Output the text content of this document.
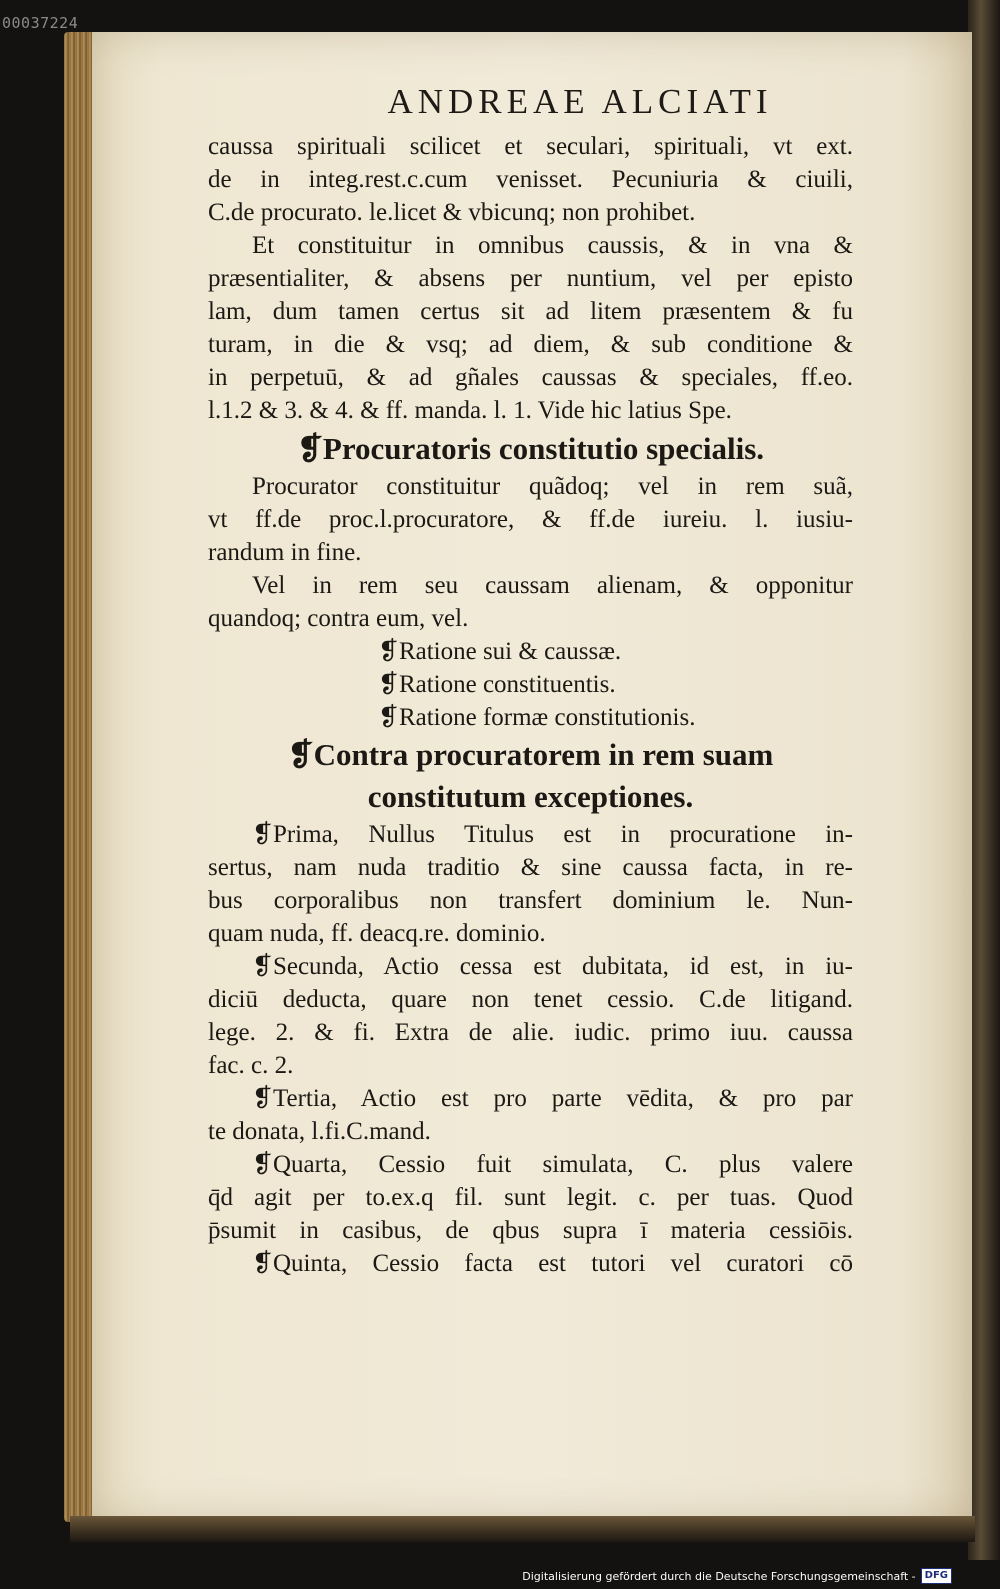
00037224
ANDREAE ALCIATI
caussa spirituali scilicet et seculari, spirituali, vt ext.
de in integ.rest.c.cum venisset. Pecuniuria & ciuili,
C.de procurato. le.licet & vbicunq; non prohibet.
Et constituitur in omnibus caussis, & in vna &
præsentialiter, & absens per nuntium, vel per episto
lam, dum tamen certus sit ad litem præsentem & fu
turam, in die & vsq; ad diem, & sub conditione &
in perpetuū, & ad gñales caussas & speciales, ff.eo.
l.1.2 & 3. & 4. & ff. manda. l. 1. Vide hic latius Spe.
❡Procuratoris constitutio specialis.
Procurator constituitur quãdoq; vel in rem suã,
vt ff.de proc.l.procuratore, & ff.de iureiu. l. iusiu-
randum in fine.
Vel in rem seu caussam alienam, & opponitur
quandoq; contra eum, vel.
❡Ratione sui & caussæ.
❡Ratione constituentis.
❡Ratione formæ constitutionis.
❡Contra procuratorem in rem suam
constitutum exceptiones.
❡Prima, Nullus Titulus est in procuratione in-
sertus, nam nuda traditio & sine caussa facta, in re-
bus corporalibus non transfert dominium le. Nun-
quam nuda, ff. deacq.re. dominio.
❡Secunda, Actio cessa est dubitata, id est, in iu-
diciū deducta, quare non tenet cessio. C.de litigand.
lege. 2. & fi. Extra de alie. iudic. primo iuu. caussa
fac. c. 2.
❡Tertia, Actio est pro parte vēdita, & pro par
te donata, l.fi.C.mand.
❡Quarta, Cessio fuit simulata, C. plus valere
q̄d agit per to.ex.q fil. sunt legit. c. per tuas. Quod
p̄sumit in casibus, de qbus supra ī materia cessiōis.
❡Quinta, Cessio facta est tutori vel curatori cō
Digitalisierung gefördert durch die Deutsche Forschungsgemeinschaft - DFG
